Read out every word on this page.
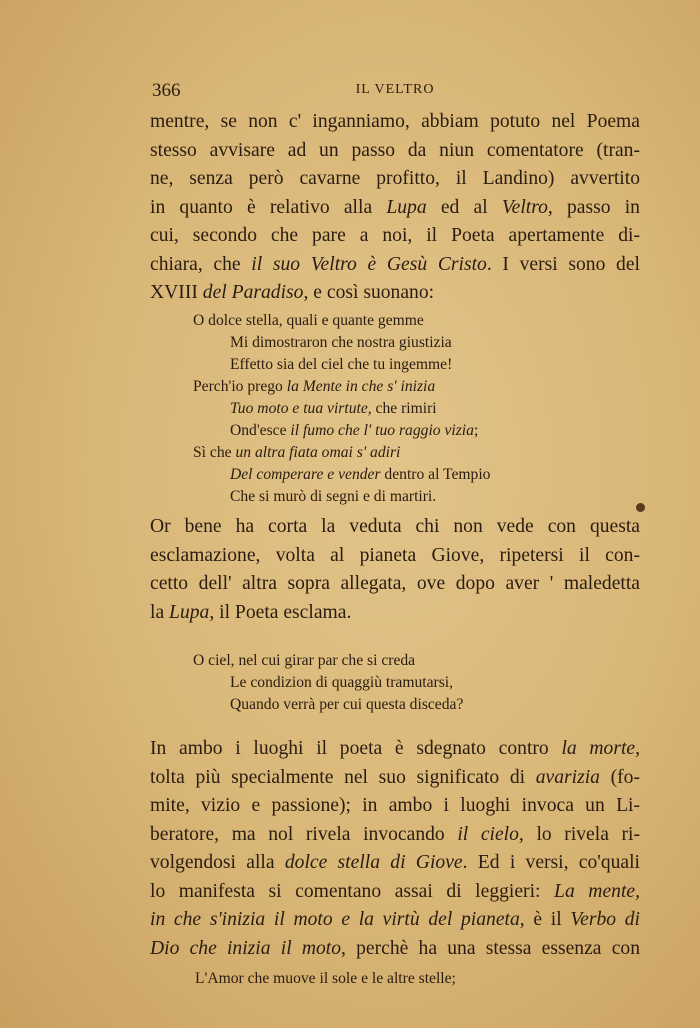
366	IL VELTRO
mentre, se non c' inganniamo, abbiam potuto nel Poema
stesso avvisare ad un passo da niun comentatore (tran-
ne, senza però cavarne profitto, il Landino) avvertito
in quanto è relativo alla Lupa ed al Veltro, passo in
cui, secondo che pare a noi, il Poeta apertamente di-
chiara, che il suo Veltro è Gesù Cristo. I versi sono del
XVIII del Paradiso, e così suonano:
O dolce stella, quali e quante gemme
Mi dimostraron che nostra giustizia
Effetto sia del ciel che tu ingemme!
Perch'io prego la Mente in che s' inizia
Tuo moto e tua virtute, che rimiri
Ond'esce il fumo che l' tuo raggio vizia;
Sì che un altra fiata omai s' adiri
Del comperare e vender dentro al Tempio
Che si murò di segni e di martiri.
Or bene ha corta la veduta chi non vede con questa
esclamazione, volta al pianeta Giove, ripetersi il con-
cetto dell' altra sopra allegata, ove dopo aver ' maledetta
la Lupa, il Poeta esclama.
O ciel, nel cui girar par che si creda
Le condizion di quaggiù tramutarsi,
Quando verrà per cui questa disceda?
In ambo i luoghi il poeta è sdegnato contro la morte,
tolta più specialmente nel suo significato di avarizia (fo-
mite, vizio e passione); in ambo i luoghi invoca un Li-
beratore, ma nol rivela invocando il cielo, lo rivela ri-
volgendosi alla dolce stella di Giove. Ed i versi, co'quali
lo manifesta si comentano assai di leggieri: La mente,
in che s'inizia il moto e la virtù del pianeta, è il Verbo di
Dio che inizia il moto, perchè ha una stessa essenza con
L'Amor che muove il sole e le altre stelle;
